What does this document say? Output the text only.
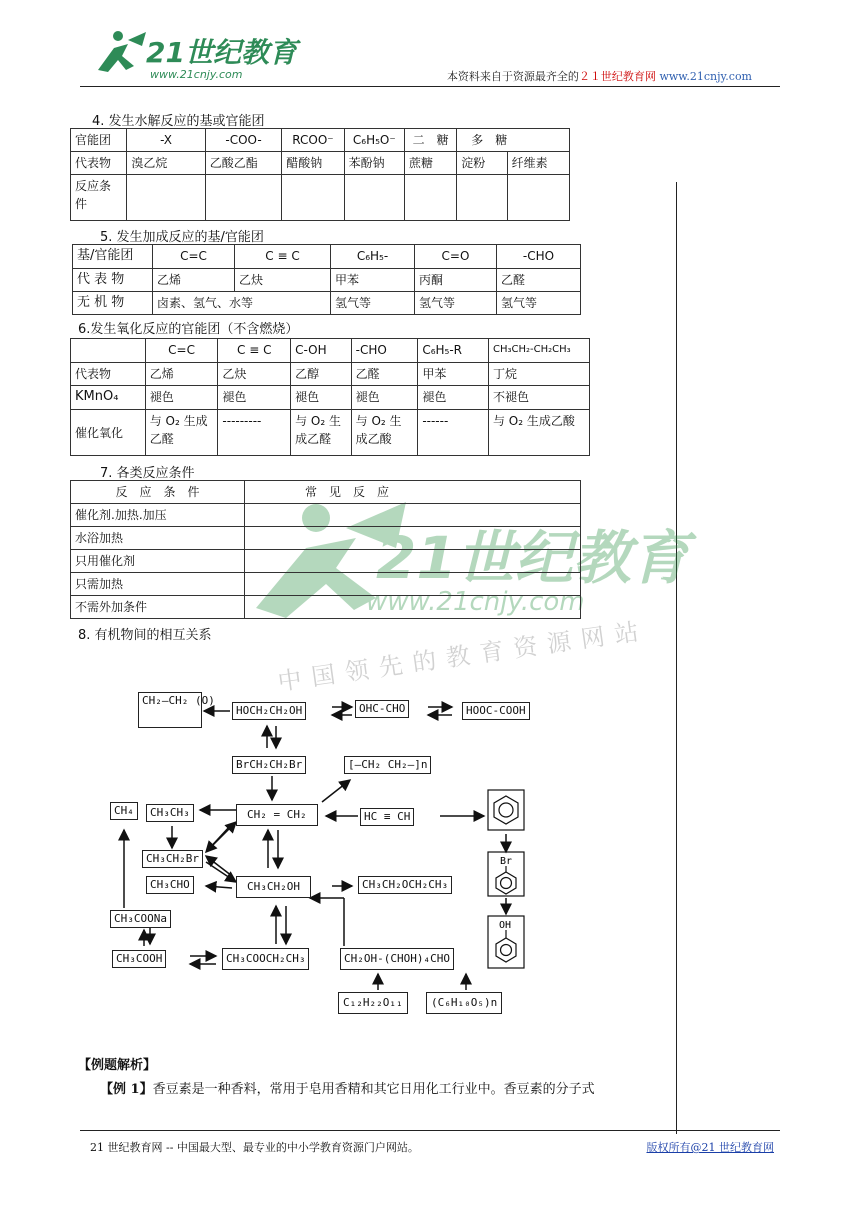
21世纪教育
www.21cnjy.com	本资料来自于资源最齐全的２１世纪教育网 www.21cnjy.com
21世纪教育
www.21cnjy.com
中国领先的教育资源网站
4. 发生水解反应的基或官能团
官能团	-X	-COO-	RCOO⁻	C₆H₅O⁻	二　糖	多　糖	
代表物	溴乙烷	乙酸乙酯	醋酸钠	苯酚钠	蔗糖	淀粉	纤维素
反应条件							
5. 发生加成反应的基/官能团
基/官能团	C=C	C ≡ C	C₆H₅-	C=O	-CHO
代 表 物	乙烯	乙炔	甲苯	丙酮	乙醛
无 机 物	卤素、氢气、水等		氢气等	氢气等	氢气等
6.发生氧化反应的官能团（不含燃烧）
	C=C	C ≡ C	C-OH	-CHO	C₆H₅-R	CH₃CH₂-CH₂CH₃
代表物	乙烯	乙炔	乙醇	乙醛	甲苯	丁烷
KMnO₄	褪色	褪色	褪色	褪色	褪色	不褪色
催化氧化	与 O₂ 生成乙醛	---------	与 O₂ 生成乙醛	与 O₂ 生成乙酸	------	与 O₂ 生成乙酸
7. 各类反应条件
反　应　条　件	常　见　反　应
催化剂.加热.加压	
水浴加热	
只用催化剂	
只需加热	
不需外加条件	
8. 有机物间的相互关系
Br
OH
CH₂—CH₂ (O)
HOCH₂CH₂OH	OHC-CHO	HOOC-COOH
BrCH₂CH₂Br	[—CH₂ CH₂—]n
CH₄	CH₃CH₃	CH₂ = CH₂	HC ≡ CH
CH₃CH₂Br
CH₃CHO	CH₃CH₂OH	CH₃CH₂OCH₂CH₃
CH₃COONa
CH₃COOH	CH₃COOCH₂CH₃	CH₂OH-(CHOH)₄CHO
C₁₂H₂₂O₁₁	(C₆H₁₀O₅)n
【例题解析】
【例 1】香豆素是一种香料，常用于皂用香精和其它日用化工行业中。香豆素的分子式
21 世纪教育网 -- 中国最大型、最专业的中小学教育资源门户网站。	版权所有@21 世纪教育网
